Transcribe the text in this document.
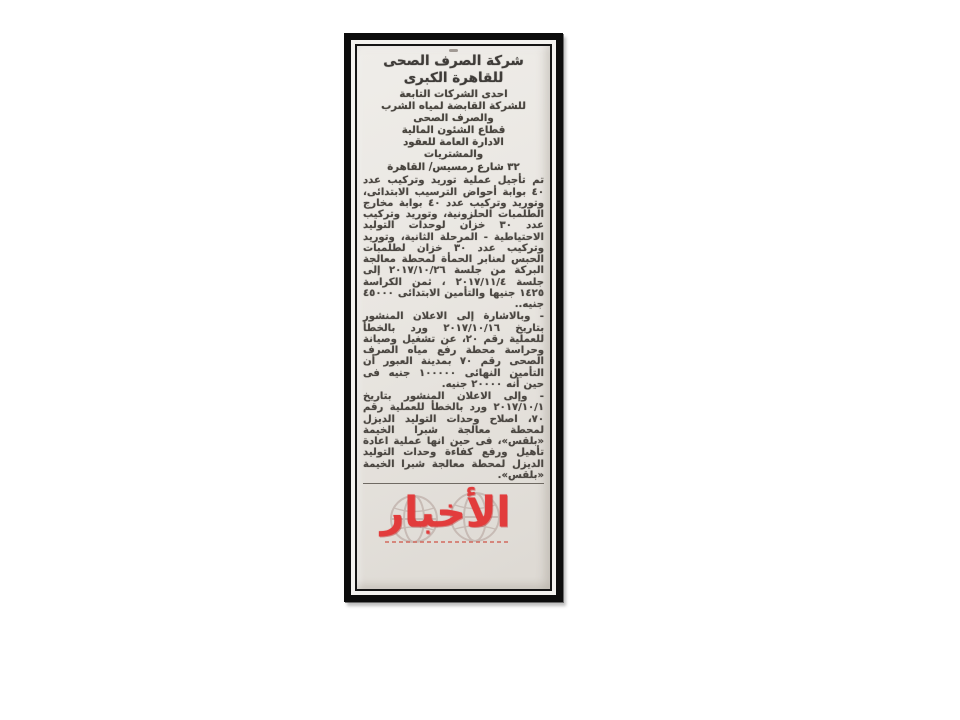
شركة الصرف الصحى
للقاهرة الكبرى
احدى الشركات التابعة
للشركة القابضة لمياه الشرب
والصرف الصحى
قطاع الشئون المالية
الادارة العامة للعقود
والمشتريات
٣٢ شارع رمسيس/ القاهرة

تم تأجيل عملية توريد وتركيب عدد ٤٠ بوابة أحواض الترسيب الابتدائى، وتوريد وتركيب عدد ٤٠ بوابة مخارج الطلمبات الحلزونية، وتوريد وتركيب عدد ٣٠ خزان لوحدات التوليد الاحتياطية - المرحلة الثانية، وتوريد وتركيب عدد ٣٠ خزان لطلمبات الحبس لعنابر الحمأة لمحطة معالجة البركة من جلسة ٢٠١٧/١٠/٢٦ إلى جلسة ٢٠١٧/١١/٤ ، ثمن الكراسة ١٤٢٥ جنيها والتأمين الابتدائى ٤٥٠٠٠ جنيه..

- وبالاشارة إلى الاعلان المنشور بتاريخ ٢٠١٧/١٠/١٦ ورد بالخطأ للعملية رقم ٢٠، عن تشغيل وصيانة وحراسة محطة رفع مياه الصرف الصحى رقم ٧٠ بمدينة العبور أن التأمين النهائى ١٠٠٠٠٠ جنيه فى حين أنه ٢٠٠٠٠ جنيه.

- وإلى الاعلان المنشور بتاريخ ٢٠١٧/١٠/١ ورد بالخطأ للعملية رقم ٧٠، اصلاح وحدات التوليد الديزل لمحطة معالجة شبرا الخيمة «بلقس»، فى حين انها عملية اعادة تأهيل ورفع كفاءة وحدات التوليد الديزل لمحطة معالجة شبرا الخيمة «بلقس».

الأخبار
